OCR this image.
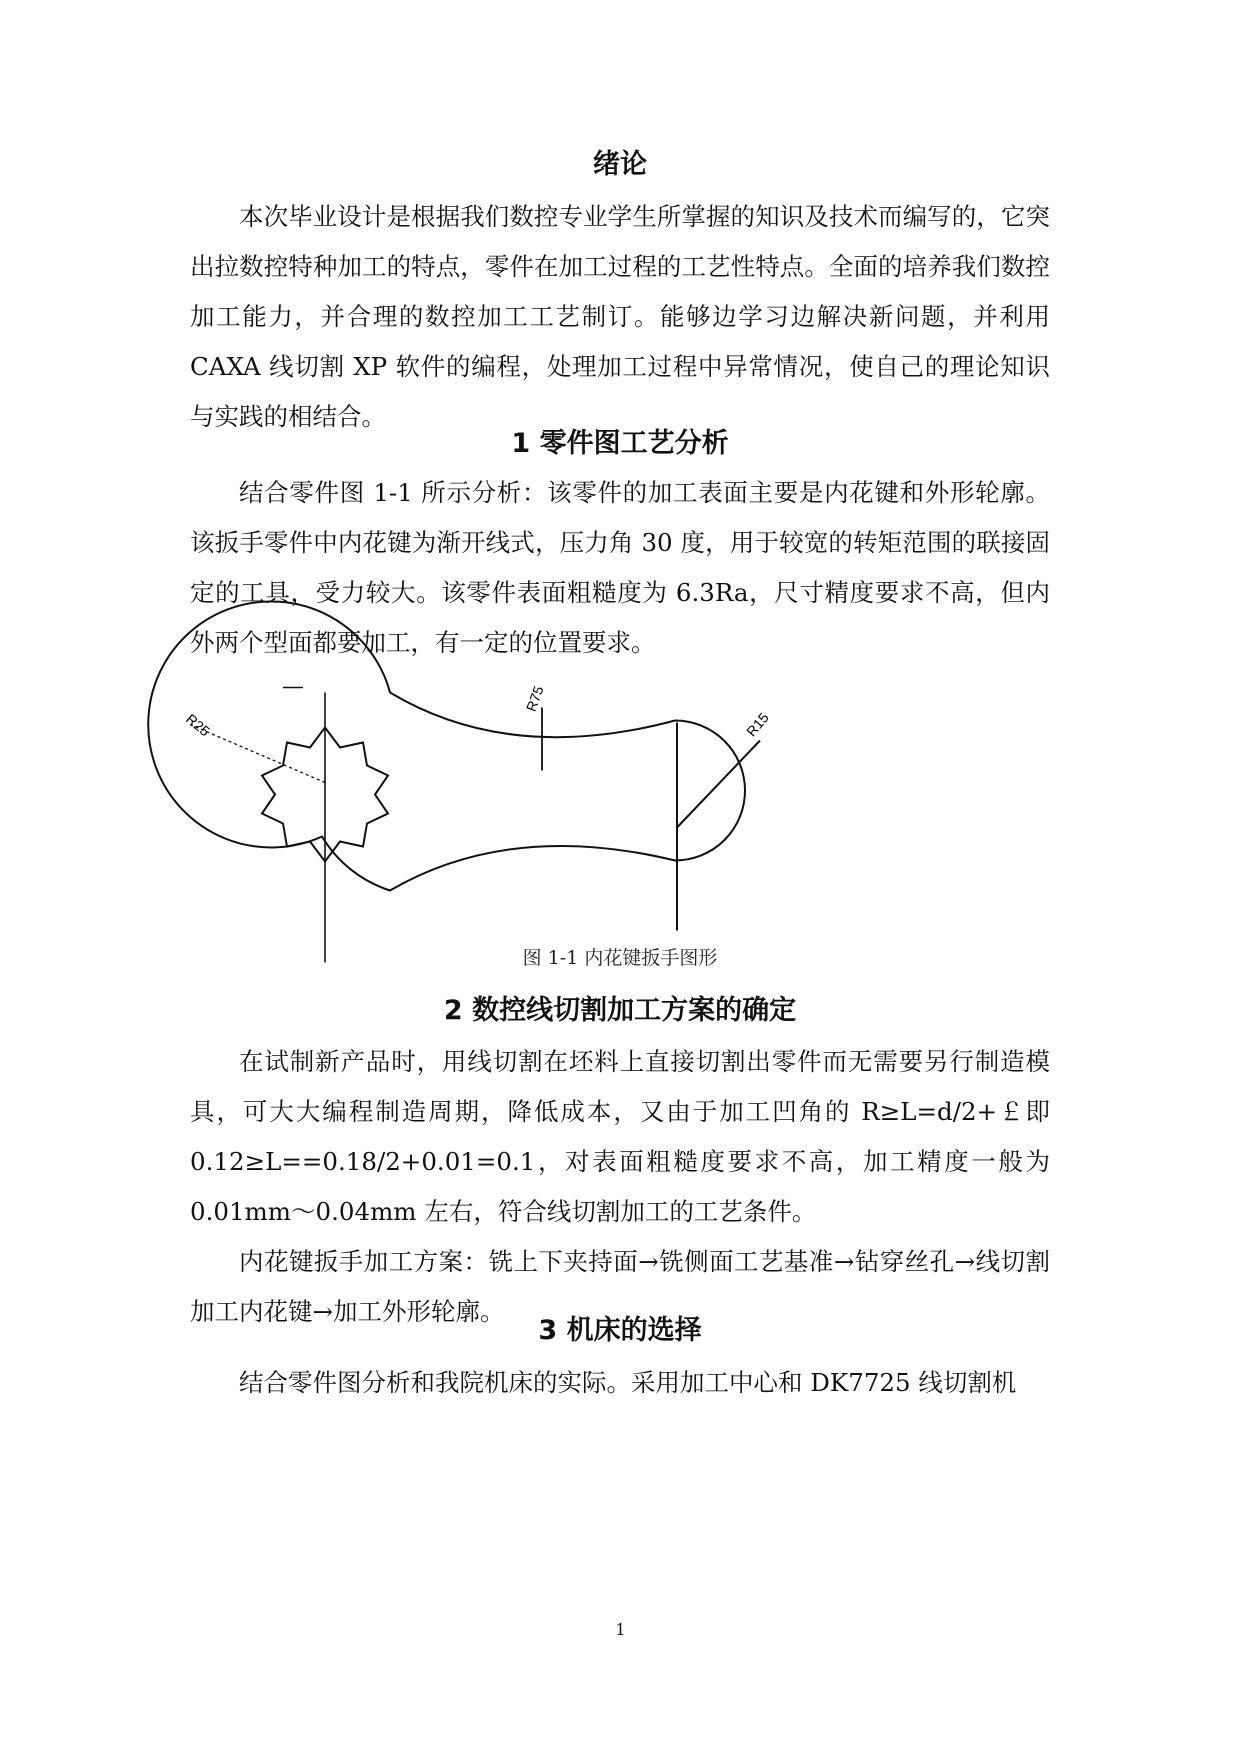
绪论

本次毕业设计是根据我们数控专业学生所掌握的知识及技术而编写的，它突出拉数控特种加工的特点，零件在加工过程的工艺性特点。全面的培养我们数控加工能力，并合理的数控加工工艺制订。能够边学习边解决新问题，并利用 CAXA 线切割 XP 软件的编程，处理加工过程中异常情况，使自己的理论知识与实践的相结合。

1 零件图工艺分析

结合零件图 1-1 所示分析：该零件的加工表面主要是内花键和外形轮廓。该扳手零件中内花键为渐开线式，压力角 30 度，用于较宽的转矩范围的联接固定的工具，受力较大。该零件表面粗糙度为 6.3Ra，尺寸精度要求不高，但内外两个型面都要加工，有一定的位置要求。

R25
R75
R15
图 1-1 内花键扳手图形
2 数控线切割加工方案的确定

在试制新产品时，用线切割在坯料上直接切割出零件而无需要另行制造模具，可大大编程制造周期，降低成本，又由于加工凹角的 R≥L=d/2+￡即 0.12≥L==0.18/2+0.01=0.1，对表面粗糙度要求不高，加工精度一般为 0.01mm～0.04mm 左右，符合线切割加工的工艺条件。

内花键扳手加工方案：铣上下夹持面→铣侧面工艺基准→钻穿丝孔→线切割加工内花键→加工外形轮廓。

3 机床的选择

结合零件图分析和我院机床的实际。采用加工中心和 DK7725 线切割机

1
